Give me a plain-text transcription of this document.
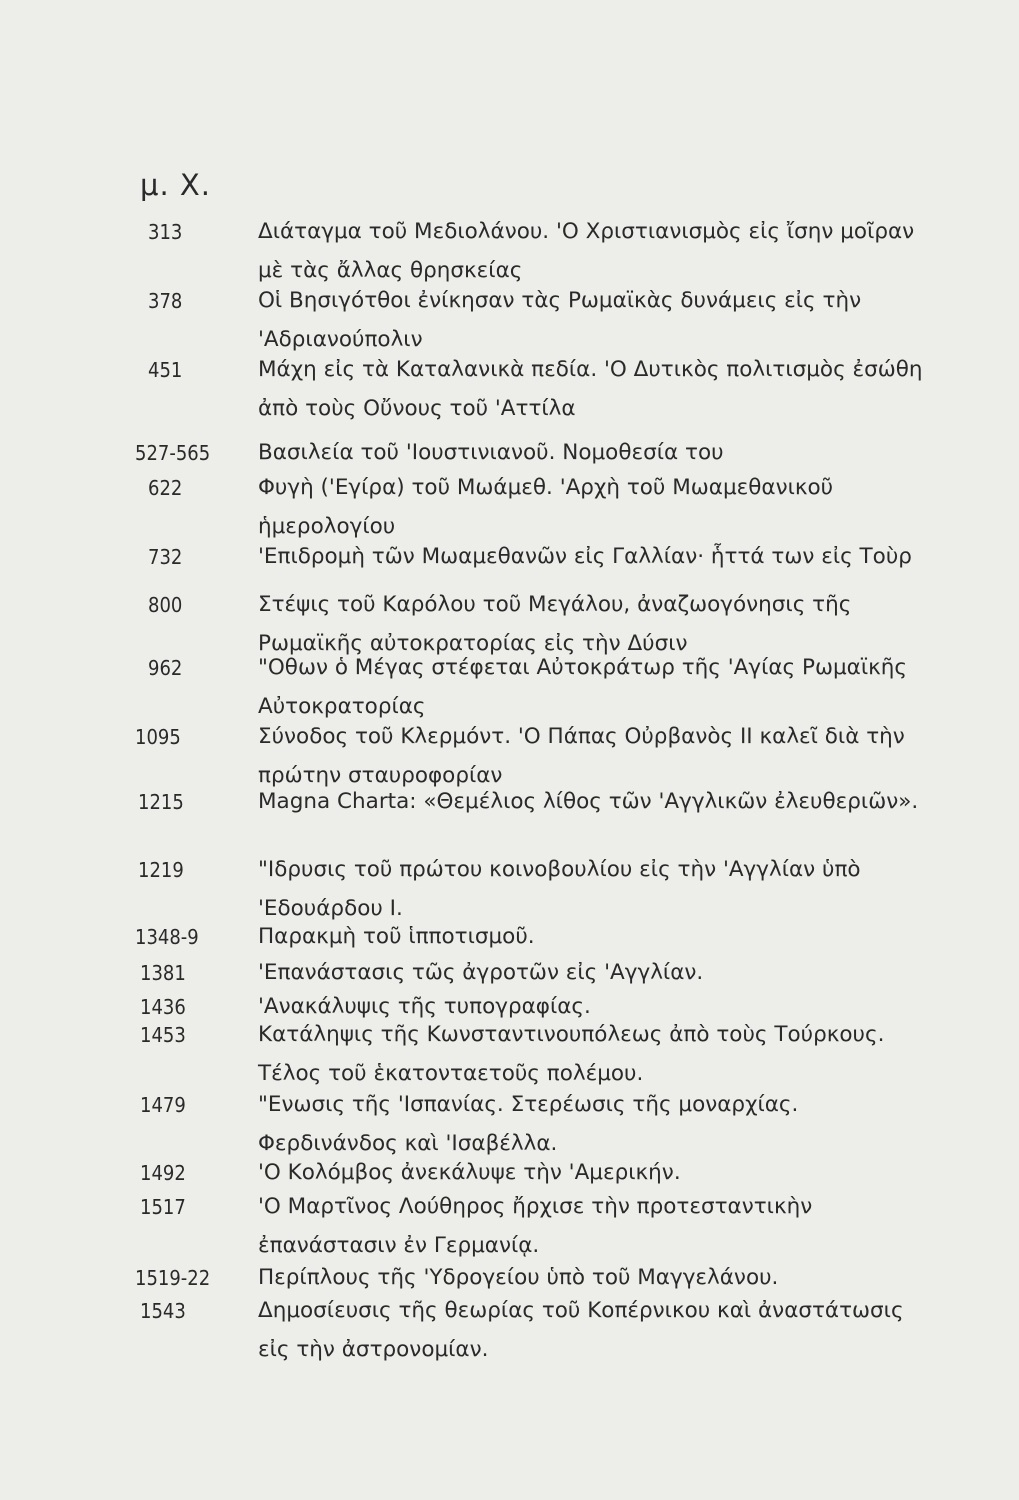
μ. Χ.
313	Διάταγμα τοῦ Μεδιολάνου. 'Ο Χριστιανισμὸς εἰς ἴσην μοῖραν μὲ τὰς ἄλλας θρησκείας
378	Οἱ Βησιγότθοι ἐνίκησαν τὰς Ρωμαϊκὰς δυνάμεις εἰς τὴν 'Αδριανούπολιν
451	Μάχη εἰς τὰ Καταλανικὰ πεδία. 'Ο Δυτικὸς πολιτισμὸς ἐσώθη ἀπὸ τοὺς Οὔνους τοῦ 'Αττίλα
527-565 Βασιλεία τοῦ 'Ιουστινιανοῦ. Νομοθεσία του
622	Φυγὴ ('Εγίρα) τοῦ Μωάμεθ. 'Αρχὴ τοῦ Μωαμεθανικοῦ ἡμερολογίου
732	'Επιδρομὴ τῶν Μωαμεθανῶν εἰς Γαλλίαν· ἧττά των εἰς Τοὺρ
800	Στέψις τοῦ Καρόλου τοῦ Μεγάλου, ἀναζωογόνησις τῆς Ρωμαϊκῆς αὐτοκρατορίας εἰς τὴν Δύσιν
962	"Οθων ὁ Μέγας στέφεται Αὐτοκράτωρ τῆς 'Αγίας Ρωμαϊκῆς Αὐτοκρατορίας
1095	Σύνοδος τοῦ Κλερμόντ. 'Ο Πάπας Οὐρβανὸς ΙΙ καλεῖ διὰ τὴν πρώτην σταυροφορίαν
1215	Magna Charta: «Θεμέλιος λίθος τῶν 'Αγγλικῶν ἐλευθεριῶν».
1219	"Ιδρυσις τοῦ πρώτου κοινοβουλίου εἰς τὴν 'Αγγλίαν ὑπὸ 'Εδουάρδου Ι.
1348-9	Παρακμὴ τοῦ ἱπποτισμοῦ.
1381	'Επανάστασις τῶς ἀγροτῶν εἰς 'Αγγλίαν.
1436	'Ανακάλυψις τῆς τυπογραφίας.
1453	Κατάληψις τῆς Κωνσταντινουπόλεως ἀπὸ τοὺς Τούρκους. Τέλος τοῦ ἑκατονταετοῦς πολέμου.
1479	"Ενωσις τῆς 'Ισπανίας. Στερέωσις τῆς μοναρχίας. Φερδινάνδος καὶ 'Ισαβέλλα.
1492	'Ο Κολόμβος ἀνεκάλυψε τὴν 'Αμερικήν.
1517	'Ο Μαρτῖνος Λούθηρος ἤρχισε τὴν προτεσταντικὴν ἐπανάστασιν ἐν Γερμανίᾳ.
1519-22 Περίπλους τῆς 'Υδρογείου ὑπὸ τοῦ Μαγγελάνου.
1543	Δημοσίευσις τῆς θεωρίας τοῦ Κοπέρνικου καὶ ἀναστάτωσις εἰς τὴν ἀστρονομίαν.
